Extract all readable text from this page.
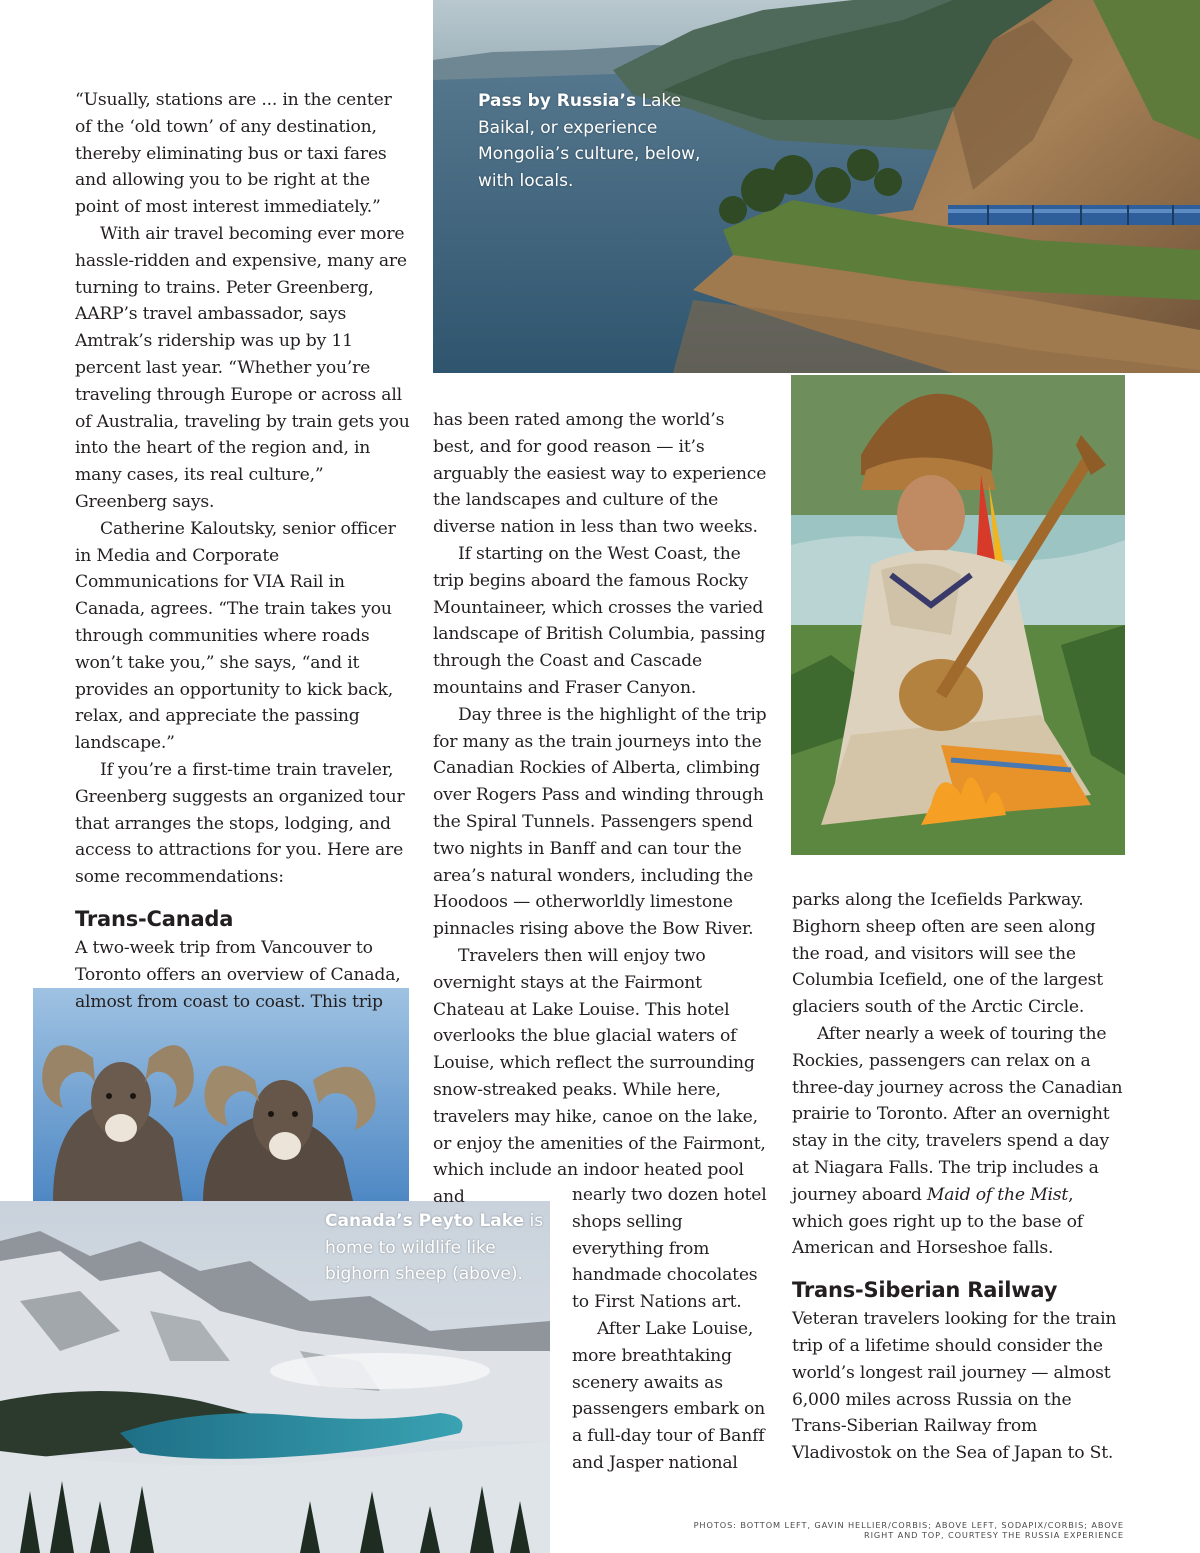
Pass by Russia’s Lake Baikal, or experience Mongolia’s culture, below, with locals.
Canada’s Peyto Lake is home to wildlife like bighorn sheep (above).

“Usually, stations are ... in the center of the ‘old town’ of any destination, thereby eliminating bus or taxi fares and allowing you to be right at the point of most interest immediately.”

With air travel becoming ever more hassle-ridden and expensive, many are turning to trains. Peter Greenberg, AARP’s travel ambassador, says Amtrak’s ridership was up by 11 percent last year. “Whether you’re traveling through Europe or across all of Australia, traveling by train gets you into the heart of the region and, in many cases, its real culture,” Greenberg says.

Catherine Kaloutsky, senior officer in Media and Corporate Communications for VIA Rail in Canada, agrees. “The train takes you through communities where roads won’t take you,” she says, “and it provides an opportunity to kick back, relax, and appreciate the passing landscape.”

If you’re a first-time train traveler, Greenberg suggests an organized tour that arranges the stops, lodging, and access to attractions for you. Here are some recommendations:

Trans-Canada

A two-week trip from Vancouver to Toronto offers an overview of Canada, almost from coast to coast. This trip

has been rated among the world’s best, and for good reason — it’s arguably the easiest way to experience the landscapes and culture of the diverse nation in less than two weeks.

If starting on the West Coast, the trip begins aboard the famous Rocky Mountaineer, which crosses the varied landscape of British Columbia, passing through the Coast and Cascade mountains and Fraser Canyon.

Day three is the highlight of the trip for many as the train journeys into the Canadian Rockies of Alberta, climbing over Rogers Pass and winding through the Spiral Tunnels. Passengers spend two nights in Banff and can tour the area’s natural wonders, including the Hoodoos — otherworldly limestone pinnacles rising above the Bow River.

Travelers then will enjoy two overnight stays at the Fairmont Chateau at Lake Louise. This hotel overlooks the blue glacial waters of Louise, which reflect the surrounding snow-streaked peaks. While here, travelers may hike, canoe on the lake, or enjoy the amenities of the Fairmont, which include an indoor heated pool and	nearly two dozen hotel shops selling everything from handmade chocolates to First Nations art.

After Lake Louise, more breathtaking scenery awaits as passengers embark on a full-day tour of Banff and Jasper national

parks along the Icefields Parkway. Bighorn sheep often are seen along the road, and visitors will see the Columbia Icefield, one of the largest glaciers south of the Arctic Circle.

After nearly a week of touring the Rockies, passengers can relax on a three-day journey across the Canadian prairie to Toronto. After an overnight stay in the city, travelers spend a day at Niagara Falls. The trip includes a journey aboard Maid of the Mist, which goes right up to the base of American and Horseshoe falls.

Trans-Siberian Railway

Veteran travelers looking for the train trip of a lifetime should consider the world’s longest rail journey — almost 6,000 miles across Russia on the Trans-Siberian Railway from Vladivostok on the Sea of Japan to St.

PHOTOS: BOTTOM LEFT, GAVIN HELLIER/CORBIS; ABOVE LEFT, SODAPIX/CORBIS; ABOVE RIGHT AND TOP, COURTESY THE RUSSIA EXPERIENCE
